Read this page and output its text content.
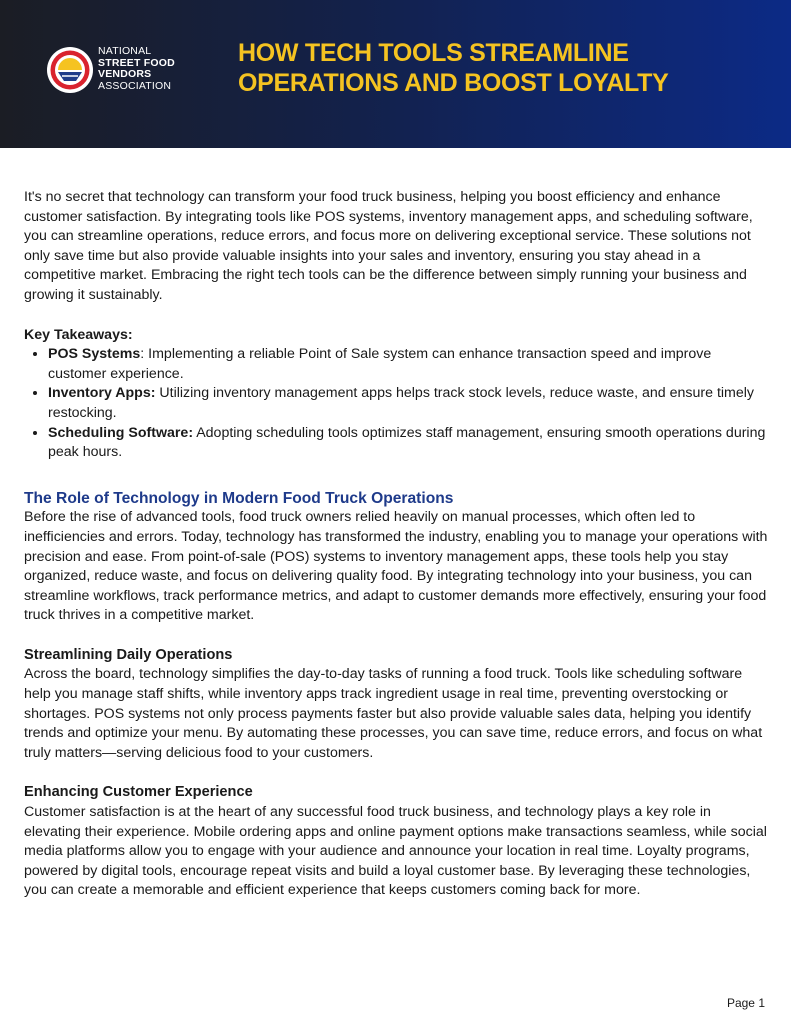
NATIONAL
STREET FOOD
VENDORS
ASSOCIATION
HOW TECH TOOLS STREAMLINE OPERATIONS AND BOOST LOYALTY

It's no secret that technology can transform your food truck business, helping you boost efficiency and enhance customer satisfaction. By integrating tools like POS systems, inventory management apps, and scheduling software, you can streamline operations, reduce errors, and focus more on delivering exceptional service. These solutions not only save time but also provide valuable insights into your sales and inventory, ensuring you stay ahead in a competitive market. Embracing the right tech tools can be the difference between simply running your business and growing it sustainably.

Key Takeaways:

• POS Systems: Implementing a reliable Point of Sale system can enhance transaction speed and improve customer experience.
• Inventory Apps: Utilizing inventory management apps helps track stock levels, reduce waste, and ensure timely restocking.
• Scheduling Software: Adopting scheduling tools optimizes staff management, ensuring smooth operations during peak hours.

The Role of Technology in Modern Food Truck Operations

Before the rise of advanced tools, food truck owners relied heavily on manual processes, which often led to inefficiencies and errors. Today, technology has transformed the industry, enabling you to manage your operations with precision and ease. From point-of-sale (POS) systems to inventory management apps, these tools help you stay organized, reduce waste, and focus on delivering quality food. By integrating technology into your business, you can streamline workflows, track performance metrics, and adapt to customer demands more effectively, ensuring your food truck thrives in a competitive market.

Streamlining Daily Operations

Across the board, technology simplifies the day-to-day tasks of running a food truck. Tools like scheduling software help you manage staff shifts, while inventory apps track ingredient usage in real time, preventing overstocking or shortages. POS systems not only process payments faster but also provide valuable sales data, helping you identify trends and optimize your menu. By automating these processes, you can save time, reduce errors, and focus on what truly matters—serving delicious food to your customers.

Enhancing Customer Experience

Customer satisfaction is at the heart of any successful food truck business, and technology plays a key role in elevating their experience. Mobile ordering apps and online payment options make transactions seamless, while social media platforms allow you to engage with your audience and announce your location in real time. Loyalty programs, powered by digital tools, encourage repeat visits and build a loyal customer base. By leveraging these technologies, you can create a memorable and efficient experience that keeps customers coming back for more.

Page 1
